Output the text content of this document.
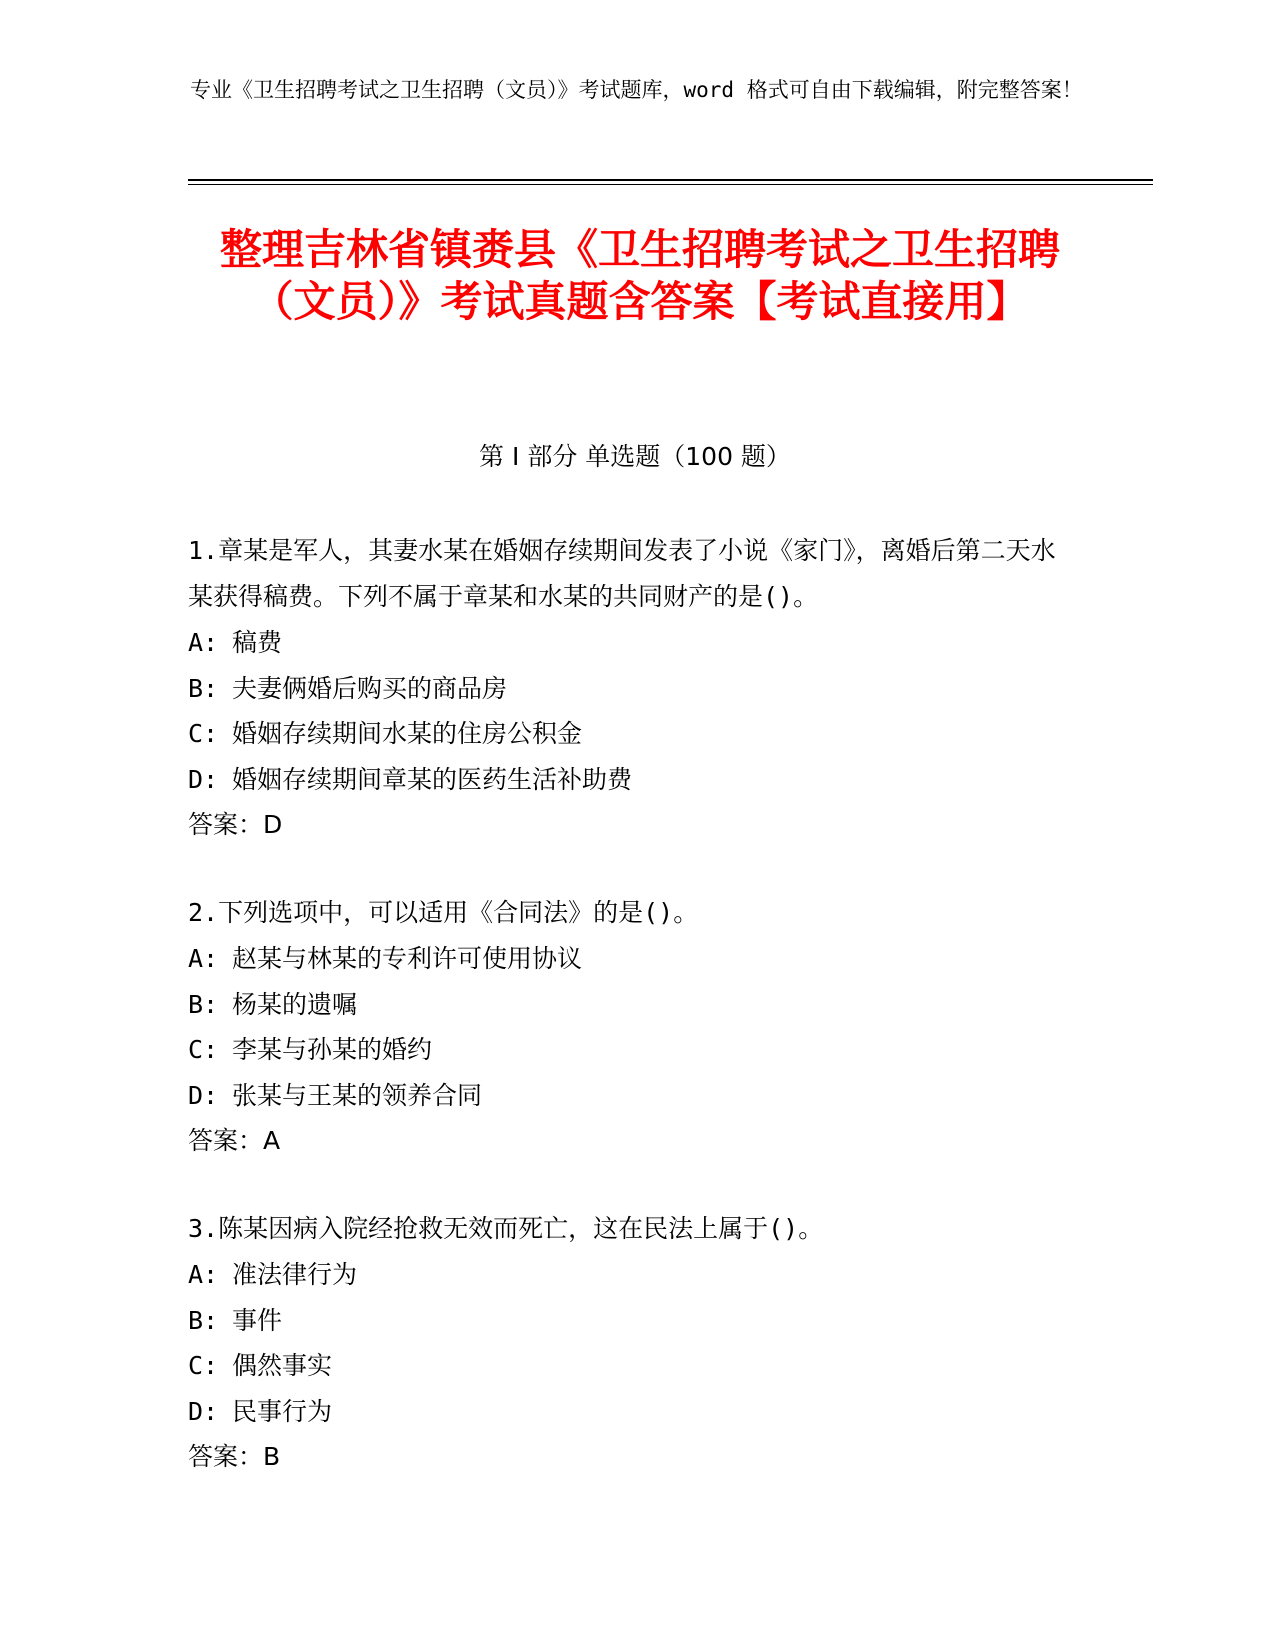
专业《卫生招聘考试之卫生招聘（文员）》考试题库，word 格式可自由下载编辑，附完整答案！
整理吉林省镇赉县《卫生招聘考试之卫生招聘（文员）》考试真题含答案【考试直接用】
第 I 部分 单选题（100 题）
1.章某是军人，其妻水某在婚姻存续期间发表了小说《家门》，离婚后第二天水某获得稿费。下列不属于章某和水某的共同财产的是()。
A: 稿费
B: 夫妻俩婚后购买的商品房
C: 婚姻存续期间水某的住房公积金
D: 婚姻存续期间章某的医药生活补助费
答案：D
2.下列选项中，可以适用《合同法》的是()。
A: 赵某与林某的专利许可使用协议
B: 杨某的遗嘱
C: 李某与孙某的婚约
D: 张某与王某的领养合同
答案：A
3.陈某因病入院经抢救无效而死亡，这在民法上属于()。
A: 准法律行为
B: 事件
C: 偶然事实
D: 民事行为
答案：B
